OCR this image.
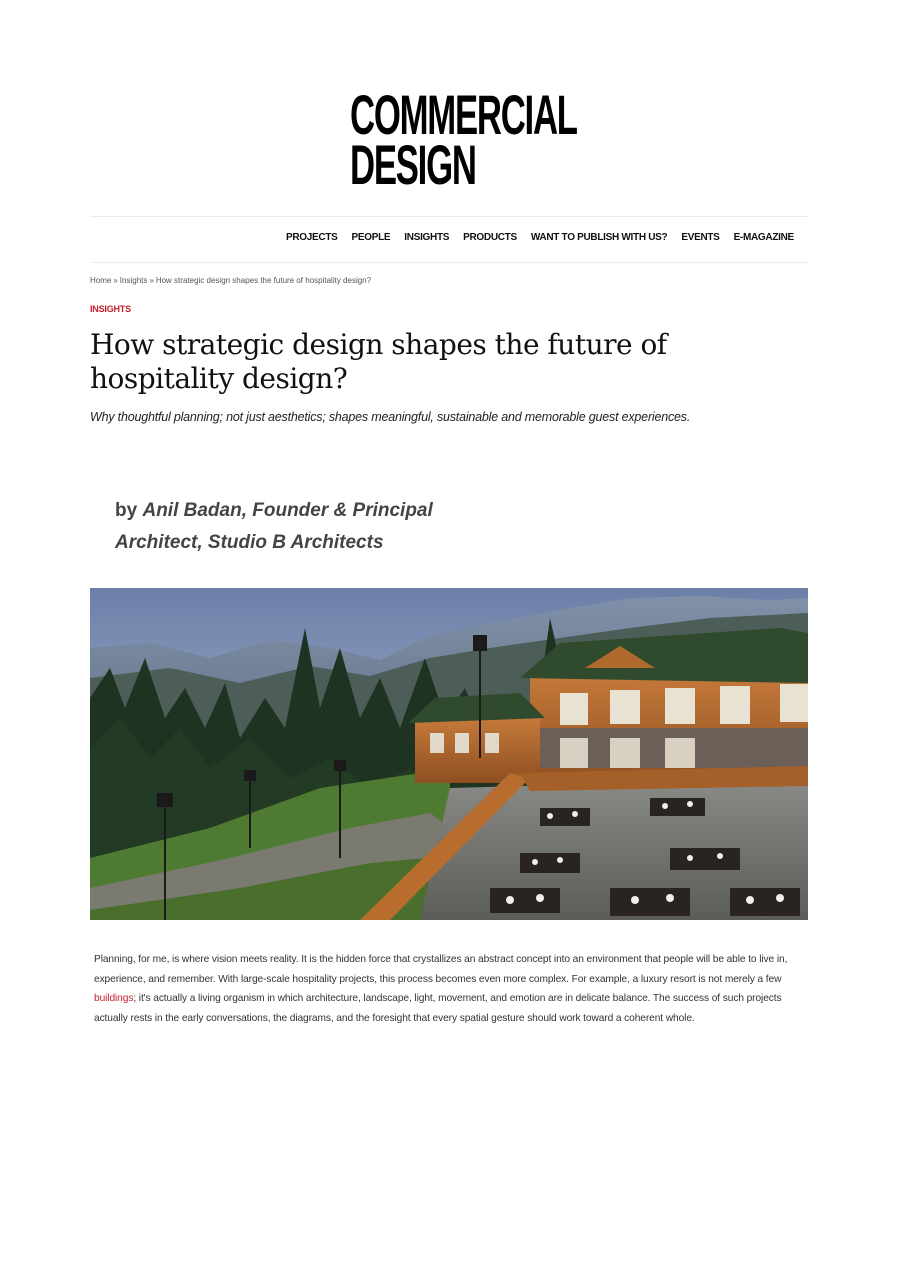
COMMERCIAL
DESIGN
PROJECTS PEOPLE INSIGHTS PRODUCTS WANT TO PUBLISH WITH US? EVENTS E-MAGAZINE
Home » Insights » How strategic design shapes the future of hospitality design?
INSIGHTS
How strategic design shapes the future of hospitality design?
Why thoughtful planning; not just aesthetics; shapes meaningful, sustainable and memorable guest experiences.
by Anil Badan, Founder & Principal Architect, Studio B Architects
Planning, for me, is where vision meets reality. It is the hidden force that crystallizes an abstract concept into an environment that people will be able to live in, experience, and remember. With large-scale hospitality projects, this process becomes even more complex. For example, a luxury resort is not merely a few buildings; it's actually a living organism in which architecture, landscape, light, movement, and emotion are in delicate balance. The success of such projects actually rests in the early conversations, the diagrams, and the foresight that every spatial gesture should work toward a coherent whole.
